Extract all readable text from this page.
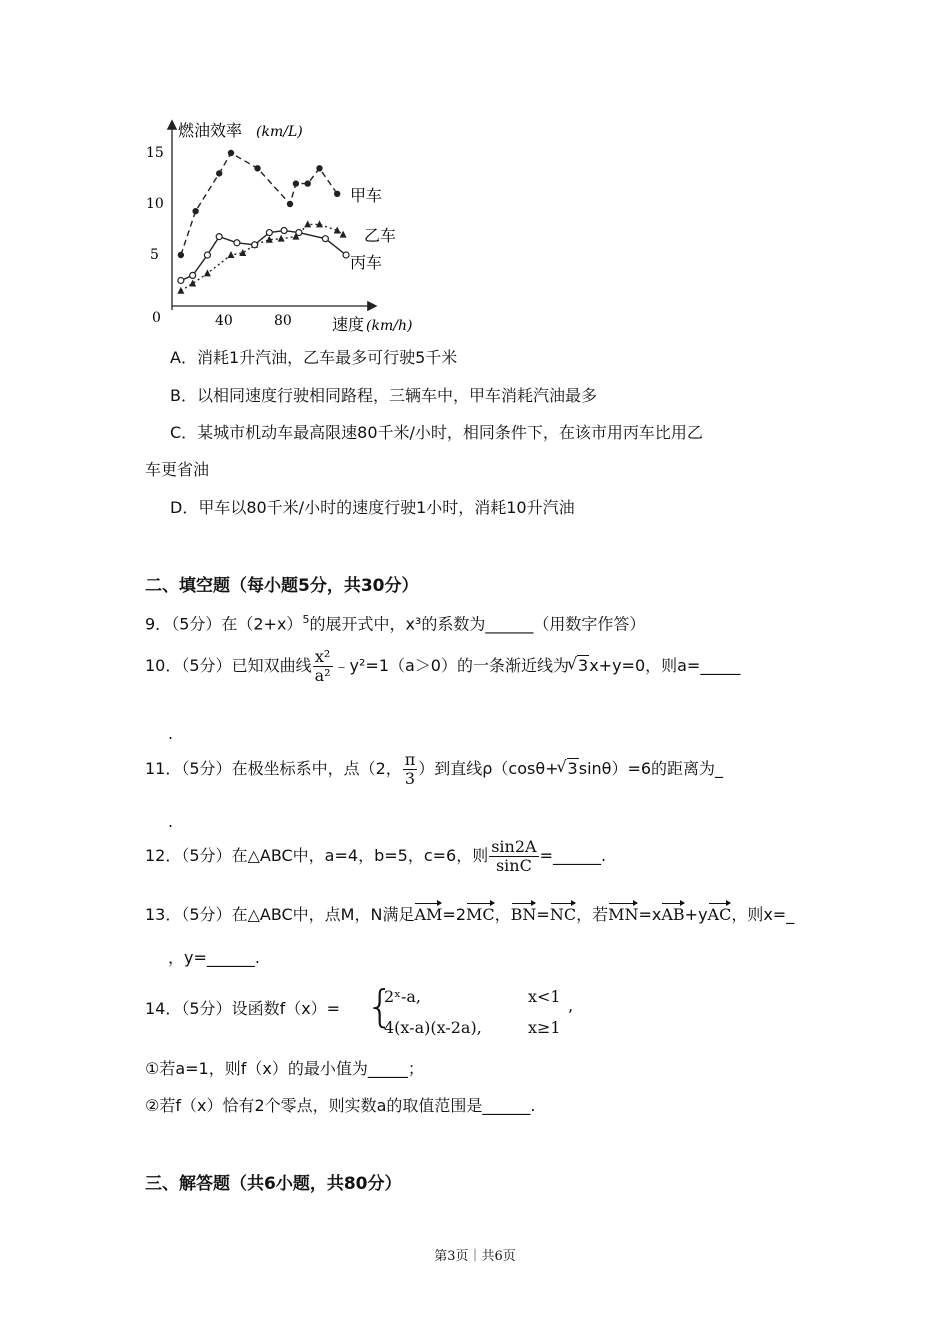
燃油效率 (km/L)
速度 (km/h)
0	40	80
5
10
15
甲车
乙车
丙车
A．消耗1升汽油，乙车最多可行驶5千米
B．以相同速度行驶相同路程，三辆车中，甲车消耗汽油最多
C．某城市机动车最高限速80千米/小时，相同条件下，在该市用丙车比用乙
车更省油
D．甲车以80千米/小时的速度行驶1小时，消耗10升汽油
二、填空题（每小题5分，共30分）
9．（5分）在$(2+x)^5$的展开式中，x³的系数为______（用数字作答）
10．（5分）已知双曲线 $\frac{\text{x²}}{\text{a²}}$ ﹣y²=1（a＞0）的一条渐近线为 √ 3x+y=0，则a=_____
.
11．（5分）在极坐标系中，点（2， $\frac{\pi}{3}$ ）到直线ρ（cosθ+ √ 3sinθ）=6的距离为_
.
12．（5分）在△ABC中，a=4，b=5，c=6，则 $\frac{\sin 2A}{\sin C}$ =______.
13．（5分）在△ABC中，点M，N满足AM=2MC，BN=NC，若MN=xAB+yAC，则x=_
，y=______.
14．（5分）设函数f（x）= {
2ˣ-a,	x<1 ,
4(x-a)(x-2a),	x≥1
①若a=1，则f（x）的最小值为_____；
②若f（x）恰有2个零点，则实数a的取值范围是______.
三、解答题（共6小题，共80分）
第3页｜共6页
